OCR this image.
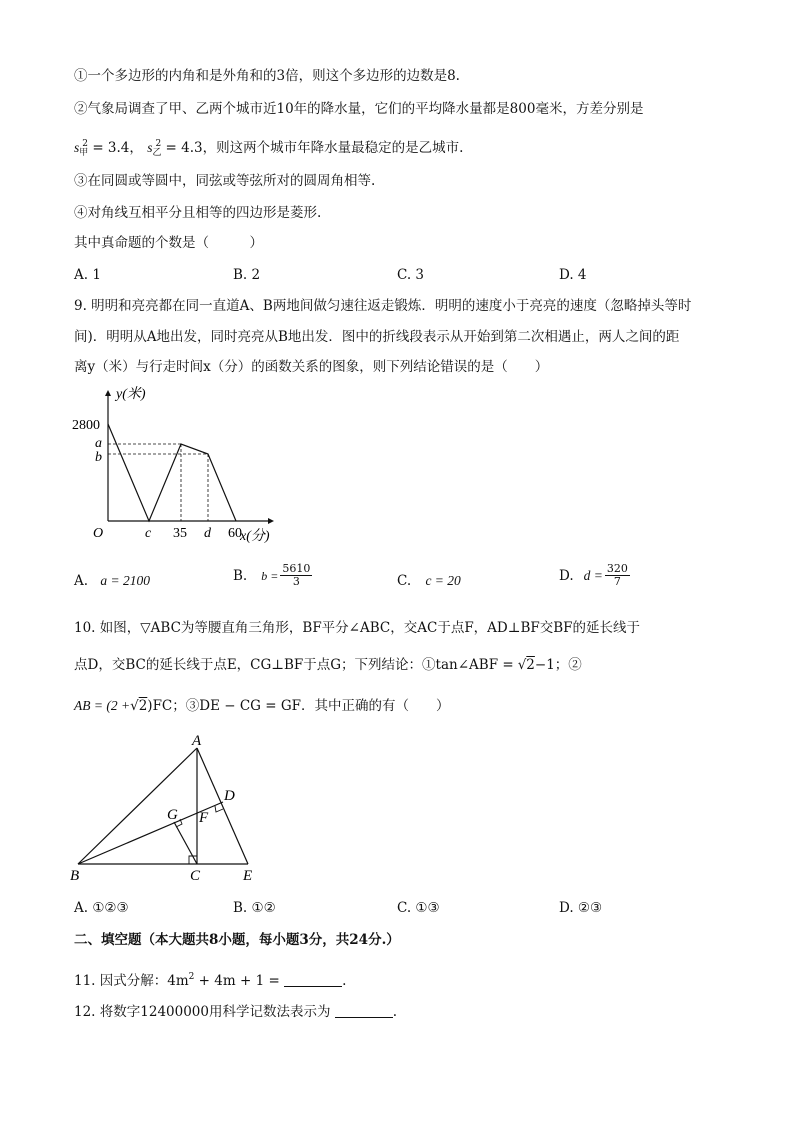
①一个多边形的内角和是外角和的3倍，则这个多边形的边数是8.
②气象局调查了甲、乙两个城市近10年的降水量，它们的平均降水量都是800毫米，方差分别是
$s_甲^2 = 3.4$， $s_乙^2 = 4.3$，则这两个城市年降水量最稳定的是乙城市.
③在同圆或等圆中，同弦或等弦所对的圆周角相等.
④对角线互相平分且相等的四边形是菱形.
其中真命题的个数是（　　　）
A. 1	B. 2	C. 3	D. 4
9. 明明和亮亮都在同一直道A、B两地间做匀速往返走锻炼．明明的速度小于亮亮的速度（忽略掉头等时
间)．明明从A地出发，同时亮亮从B地出发．图中的折线段表示从开始到第二次相遇止，两人之间的距
离y（米）与行走时间x（分）的函数关系的图象，则下列结论错误的是（　　）
y(米)
x(分)
2800
a
b
O	c 35 d 60
A. a = 2100	B. $b = \frac{5610}{3}$	C. c = 20	D. $d = \frac{320}{7}$
10. 如图，▽ABC为等腰直角三角形，BF平分∠ABC，交AC于点F，AD⊥BF交BF的延长线于
点D，交BC的延长线于点E，CG⊥BF于点G；下列结论：①tan∠ABF = √2−1；②
AB = (2 +√2)FC；③DE − CG = GF．其中正确的有（　　）
A
B	C
D
E
F
G
A. ①②③	B. ①②	C. ①③	D. ②③
二、填空题（本大题共8小题，每小题3分，共24分.）
11. 因式分解：$4m^2 + 4m + 1$ =	.
12. 将数字12400000用科学记数法表示为	.
